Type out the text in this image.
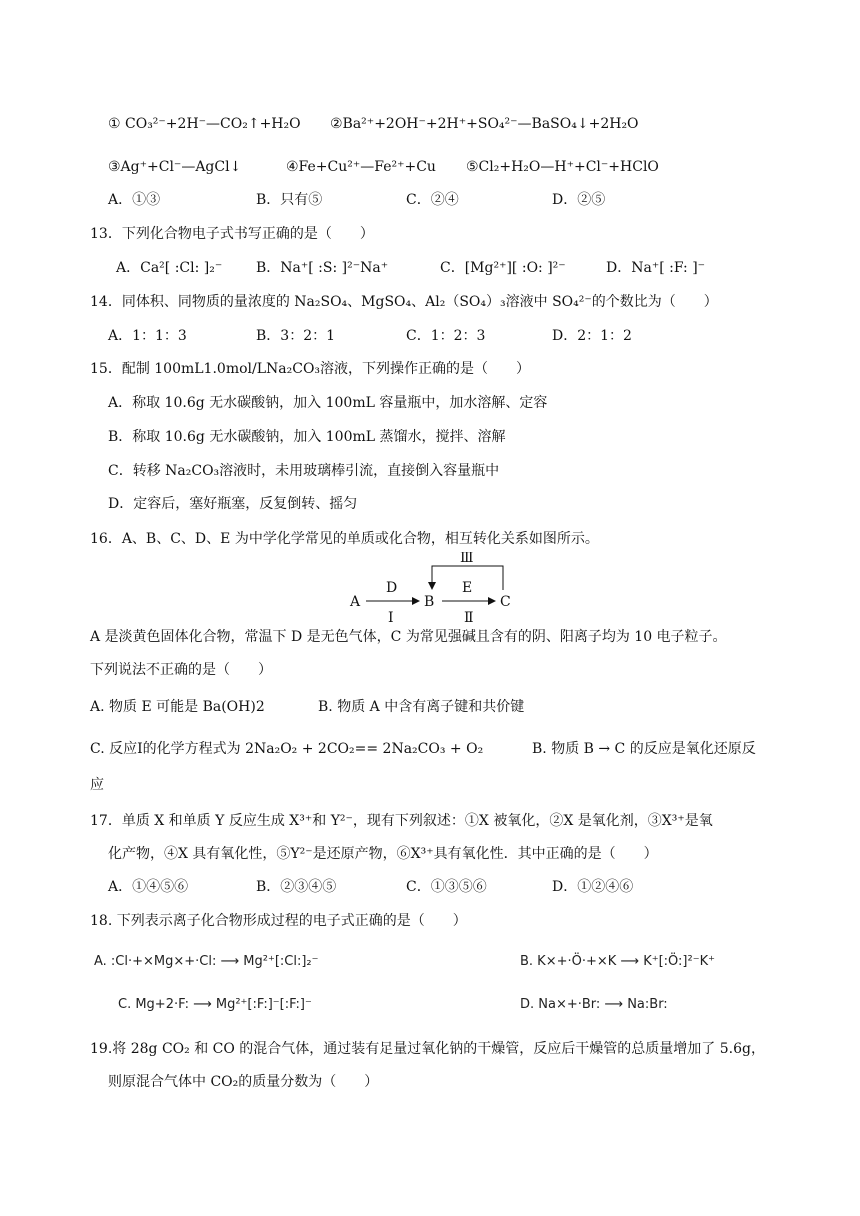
① CO₃²⁻+2H⁻—CO₂↑+H₂O ②Ba²⁺+2OH⁻+2H⁺+SO₄²⁻—BaSO₄↓+2H₂O
③Ag⁺+Cl⁻—AgCl↓	④Fe+Cu²⁺—Fe²⁺+Cu ⑤Cl₂+H₂O—H⁺+Cl⁻+HClO
A．①③	B．只有⑤	C．②④	D．②⑤
13．下列化合物电子式书写正确的是（　　）
A．Ca²[ :Cl: ]₂⁻ B．Na⁺[ :S: ]²⁻Na⁺	C．[Mg²⁺][ :O: ]²⁻	D．Na⁺[ :F: ]⁻
14．同体积、同物质的量浓度的 Na₂SO₄、MgSO₄、Al₂（SO₄）₃溶液中 SO₄²⁻的个数比为（　　）
A．1：1：3	B．3：2：1	C．1：2：3	D．2：1：2
15．配制 100mL1.0mol/LNa₂CO₃溶液，下列操作正确的是（　　）
A．称取 10.6g 无水碳酸钠，加入 100mL 容量瓶中，加水溶解、定容
B．称取 10.6g 无水碳酸钠，加入 100mL 蒸馏水，搅拌、溶解
C．转移 Na₂CO₃溶液时，未用玻璃棒引流，直接倒入容量瓶中
D．定容后，塞好瓶塞，反复倒转、摇匀
16．A、B、C、D、E 为中学化学常见的单质或化合物，相互转化关系如图所示。
A
D
Ⅰ
B
E
Ⅱ
C
Ⅲ
A 是淡黄色固体化合物，常温下 D 是无色气体，C 为常见强碱且含有的阴、阳离子均为 10 电子粒子。
下列说法不正确的是（　　）
A. 物质 E 可能是 Ba(OH)2	B. 物质 A 中含有离子键和共价键
C. 反应Ⅰ的化学方程式为 2Na₂O₂ + 2CO₂== 2Na₂CO₃ + O₂	B. 物质 B → C 的反应是氧化还原反
应
17．单质 X 和单质 Y 反应生成 X³⁺和 Y²⁻，现有下列叙述：①X 被氧化，②X 是氧化剂，③X³⁺是氧
化产物，④X 具有氧化性，⑤Y²⁻是还原产物，⑥X³⁺具有氧化性．其中正确的是（　　）
A．①④⑤⑥	B．②③④⑤	C．①③⑤⑥	D．①②④⑥
18. 下列表示离子化合物形成过程的电子式正确的是（　　）
A. :Cl·+×Mg×+·Cl: ⟶ Mg²⁺[:Cl:]₂⁻	B. K×+·Ö·+×K ⟶ K⁺[:Ö:]²⁻K⁺
C. Mg+2·F: ⟶ Mg²⁺[:F:]⁻[:F:]⁻	D. Na×+·Br: ⟶ Na:Br:
19.将 28g CO₂ 和 CO 的混合气体，通过装有足量过氧化钠的干燥管，反应后干燥管的总质量增加了 5.6g，
则原混合气体中 CO₂的质量分数为（　　）
